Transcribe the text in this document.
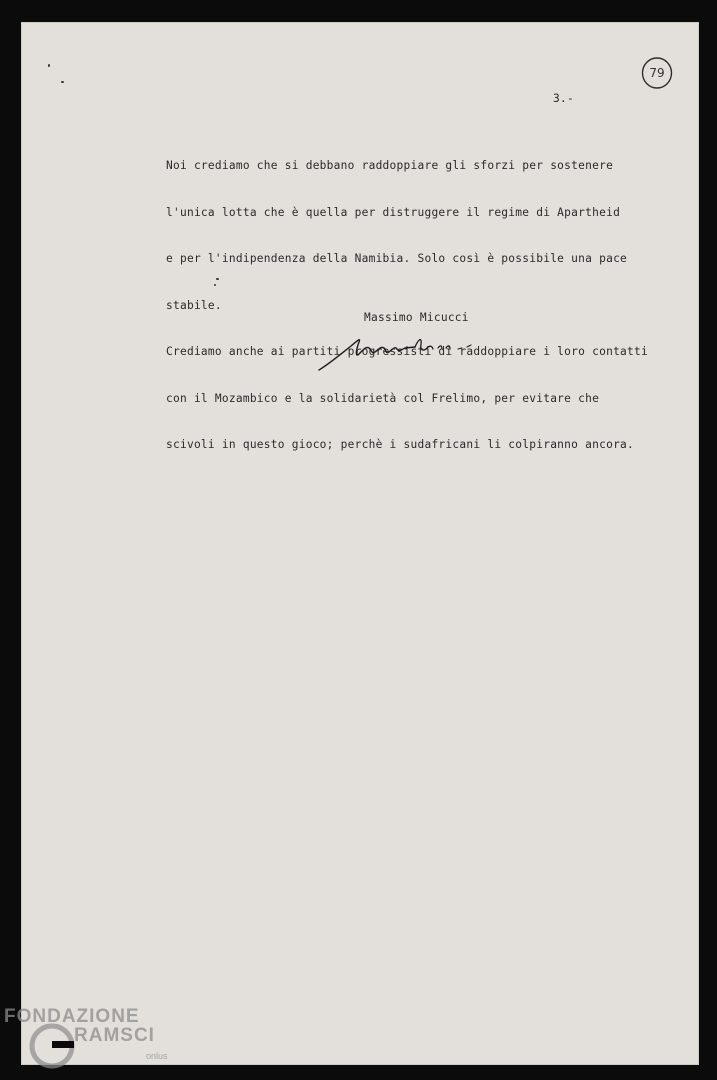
79
3.-

Noi crediamo che si debbano raddoppiare gli sforzi per sostenere

l'unica lotta che è quella per distruggere il regime di Apartheid

e per l'indipendenza della Namibia. Solo così è possibile una pace

stabile.

Crediamo anche ai partiti progressisti di raddoppiare i loro contatti

con il Mozambico e la solidarietà col Frelimo, per evitare che

scivoli in questo gioco; perchè i sudafricani li colpiranno ancora.

Massimo Micucci
FONDAZIONE
RAMSCI
onlus
